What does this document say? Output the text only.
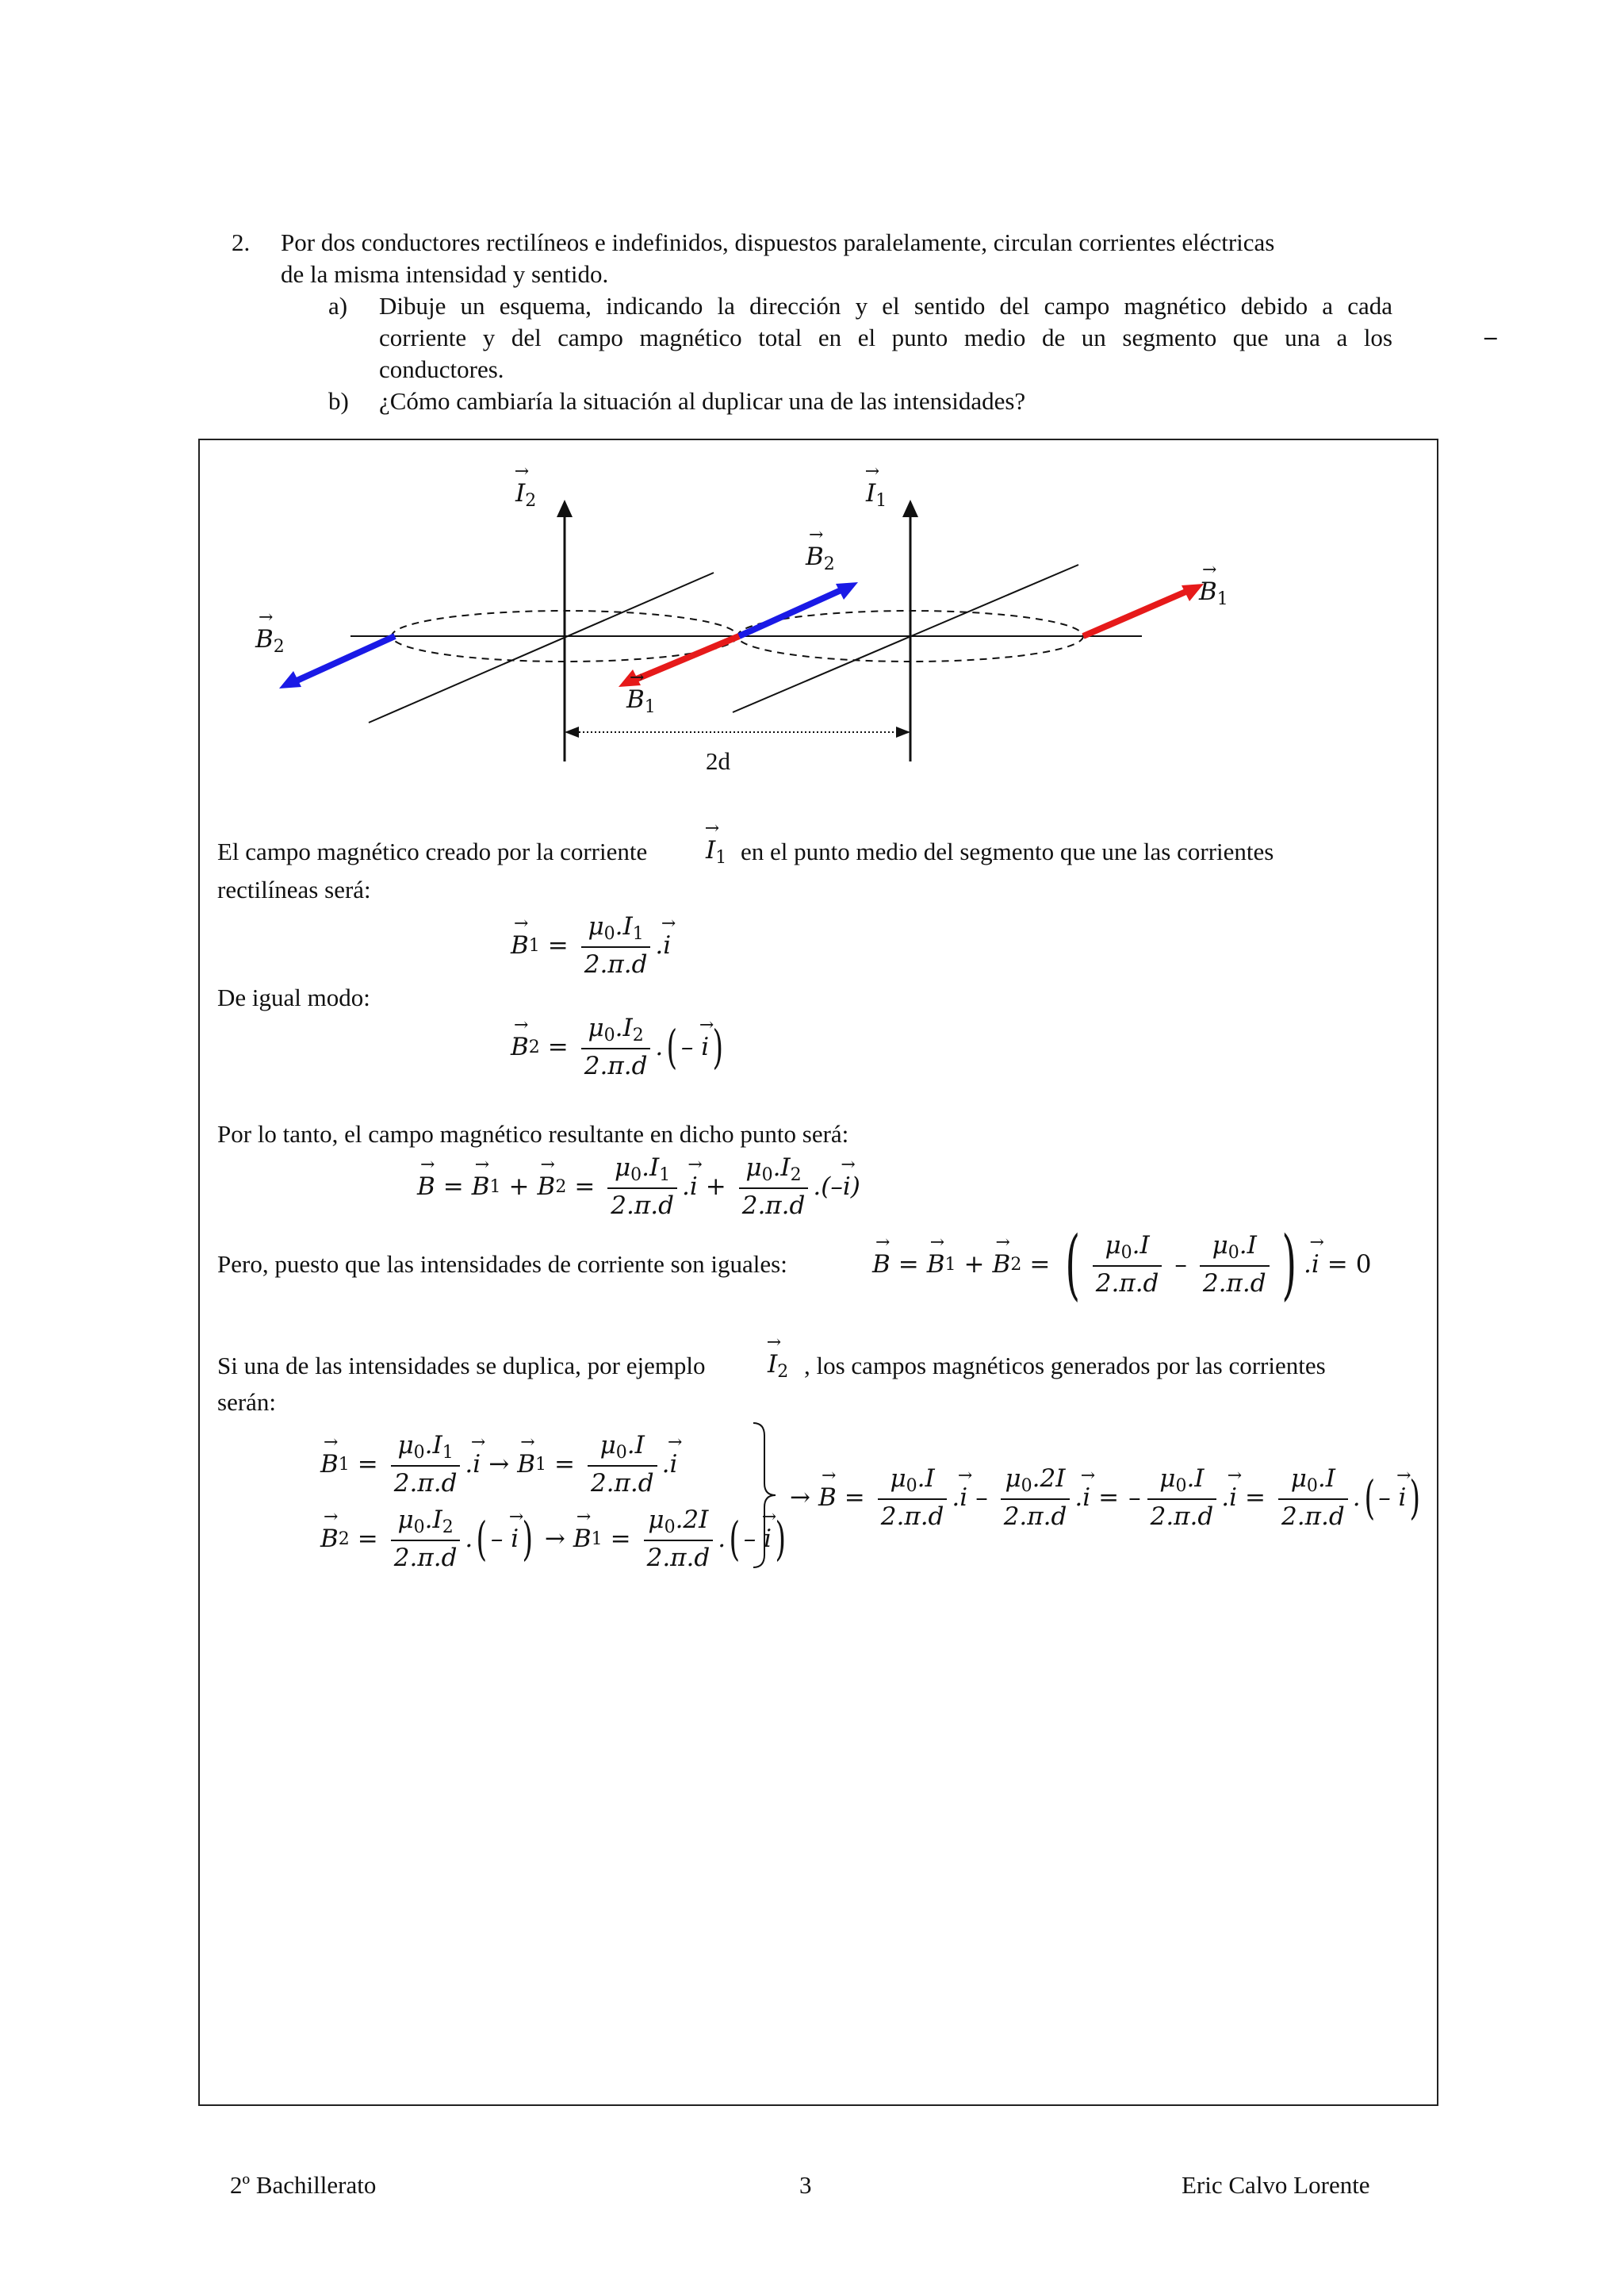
2. Por dos conductores rectilíneos e indefinidos, dispuestos paralelamente, circulan corrientes eléctricas
de la misma intensidad y sentido.
a) Dibuje un esquema, indicando la dirección y el sentido del campo magnético debido a cada
corriente y del campo magnético total en el punto medio de un segmento que una a los
conductores.
b) ¿Cómo cambiaría la situación al duplicar una de las intensidades?
–
→ $I_2$	→ $I_1$
→ $B_2$
→ $B_1$
→ $B_2$
→ $B_1$
2d
El campo magnético creado por la corriente → $I_1$ en el punto medio del segmento que une las corrientes
rectilíneas será:
→ B $1 = \frac{\mu_0.I_1}{2.\pi.d}$ .→ i
De igual modo:
→ B $2 = \frac{\mu_0.I_2}{2.\pi.d}$ . ( – → i )
Por lo tanto, el campo magnético resultante en dicho punto será:
→ B = → B 1 + → B $2 = \frac{\mu_0.I_1}{2.\pi.d}$ .→ $i + \frac{\mu_0.I_2}{2.\pi.d}$ .(–→ i)
Pero, puesto que las intensidades de corriente son iguales:	→ B = → B 1 + → B 2 = ( $\frac{\mu_0.I}{2.\pi.d} - \frac{\mu_0.I}{2.\pi.d}$ ) .→ i = 0
Si una de las intensidades se duplica, por ejemplo	→ $I_2$ , los campos magnéticos generados por las corrientes
serán:
→ B $1 = \frac{\mu_0.I_1}{2.\pi.d}$ .→ i → → B $1 = \frac{\mu_0.I}{2.\pi.d}$ .→ i
→ B $2 = \frac{\mu_0.I_2}{2.\pi.d}$ . ( – → i ) → → B $1 = \frac{\mu_0.2I}{2.\pi.d}$ . ( – → i )
→ → $B = \frac{\mu_0.I}{2.\pi.d}$ .→ i – $\frac{\mu_0.2I}{2.\pi.d}$ .→ i = – $\frac{\mu_0.I}{2.\pi.d}$ .→ $i = \frac{\mu_0.I}{2.\pi.d}$ . ( – → i )
2º Bachillerato	3	Eric Calvo Lorente
